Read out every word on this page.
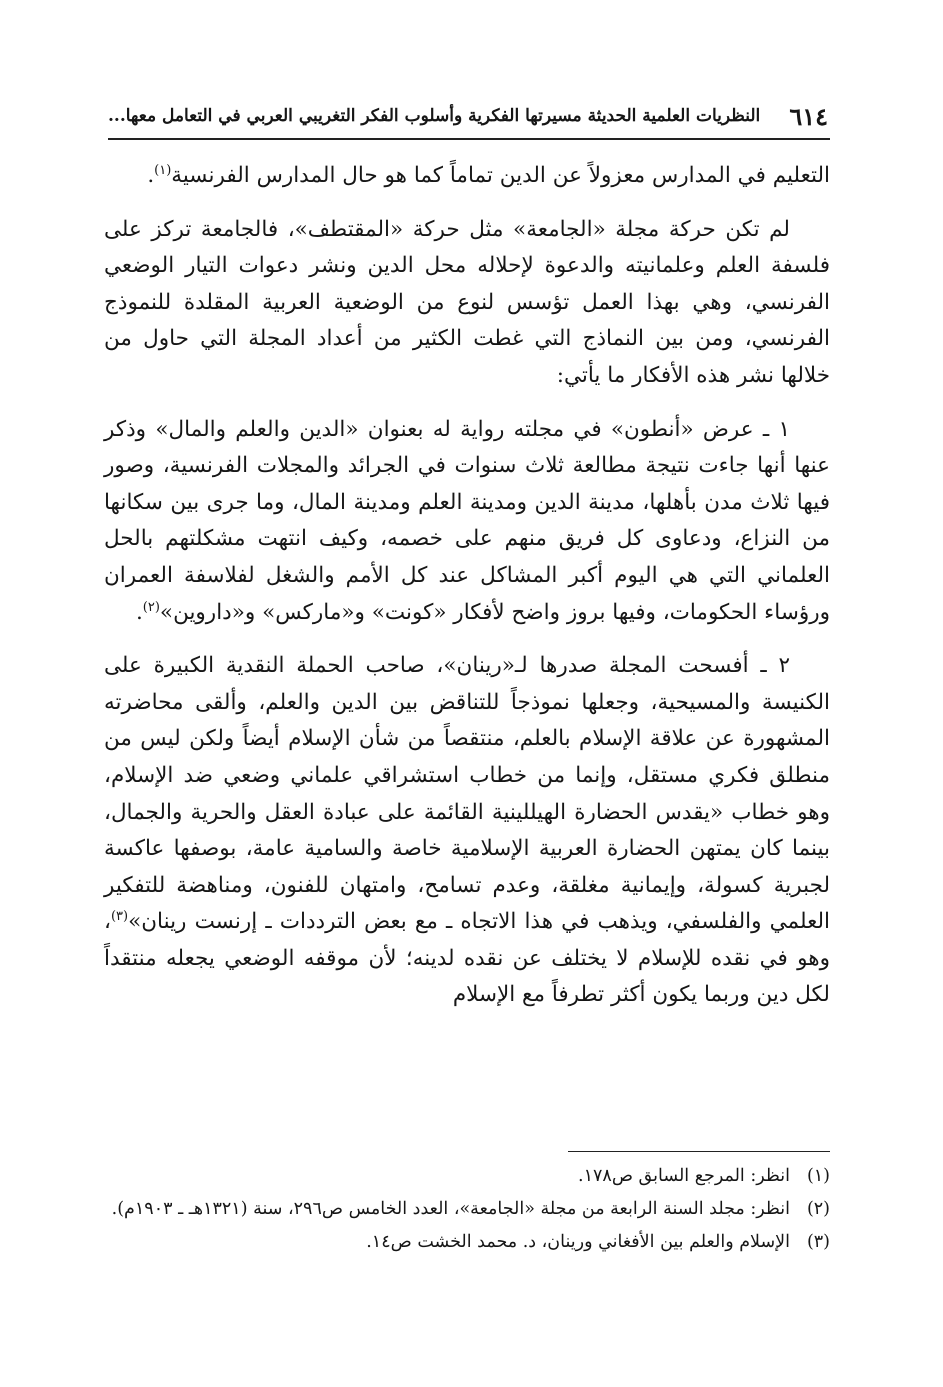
٦١٤
النظريات العلمية الحديثة مسيرتها الفكرية وأسلوب الفكر التغريبي العربي في التعامل معها...

التعليم في المدارس معزولاً عن الدين تماماً كما هو حال المدارس الفرنسية$^{(١)}$.

لم تكن حركة مجلة «الجامعة» مثل حركة «المقتطف»، فالجامعة تركز على فلسفة العلم وعلمانيته والدعوة لإحلاله محل الدين ونشر دعوات التيار الوضعي الفرنسي، وهي بهذا العمل تؤسس لنوع من الوضعية العربية المقلدة للنموذج الفرنسي، ومن بين النماذج التي غطت الكثير من أعداد المجلة التي حاول من خلالها نشر هذه الأفكار ما يأتي:

١ ـ عرض «أنطون» في مجلته رواية له بعنوان «الدين والعلم والمال» وذكر عنها أنها جاءت نتيجة مطالعة ثلاث سنوات في الجرائد والمجلات الفرنسية، وصور فيها ثلاث مدن بأهلها، مدينة الدين ومدينة العلم ومدينة المال، وما جرى بين سكانها من النزاع، ودعاوى كل فريق منهم على خصمه، وكيف انتهت مشكلتهم بالحل العلماني التي هي اليوم أكبر المشاكل عند كل الأمم والشغل لفلاسفة العمران ورؤساء الحكومات، وفيها بروز واضح لأفكار «كونت» و«ماركس» و«داروين»$^{(٢)}$.

٢ ـ أفسحت المجلة صدرها لـ«رينان»، صاحب الحملة النقدية الكبيرة على الكنيسة والمسيحية، وجعلها نموذجاً للتناقض بين الدين والعلم، وألقى محاضرته المشهورة عن علاقة الإسلام بالعلم، منتقصاً من شأن الإسلام أيضاً ولكن ليس من منطلق فكري مستقل، وإنما من خطاب استشراقي علماني وضعي ضد الإسلام، وهو خطاب «يقدس الحضارة الهيللينية القائمة على عبادة العقل والحرية والجمال، بينما كان يمتهن الحضارة العربية الإسلامية خاصة والسامية عامة، بوصفها عاكسة لجبرية كسولة، وإيمانية مغلقة، وعدم تسامح، وامتهان للفنون، ومناهضة للتفكير العلمي والفلسفي، ويذهب في هذا الاتجاه ـ مع بعض الترددات ـ إرنست رينان»$^{(٣)}$، وهو في نقده للإسلام لا يختلف عن نقده لدينه؛ لأن موقفه الوضعي يجعله منتقداً لكل دين وربما يكون أكثر تطرفاً مع الإسلام

(١)
انظر: المرجع السابق ص١٧٨.
(٢)
انظر: مجلد السنة الرابعة من مجلة «الجامعة»، العدد الخامس ص٢٩٦، سنة (١٣٢١هـ ـ ١٩٠٣م).
(٣)
الإسلام والعلم بين الأفغاني ورينان، د. محمد الخشت ص١٤.
